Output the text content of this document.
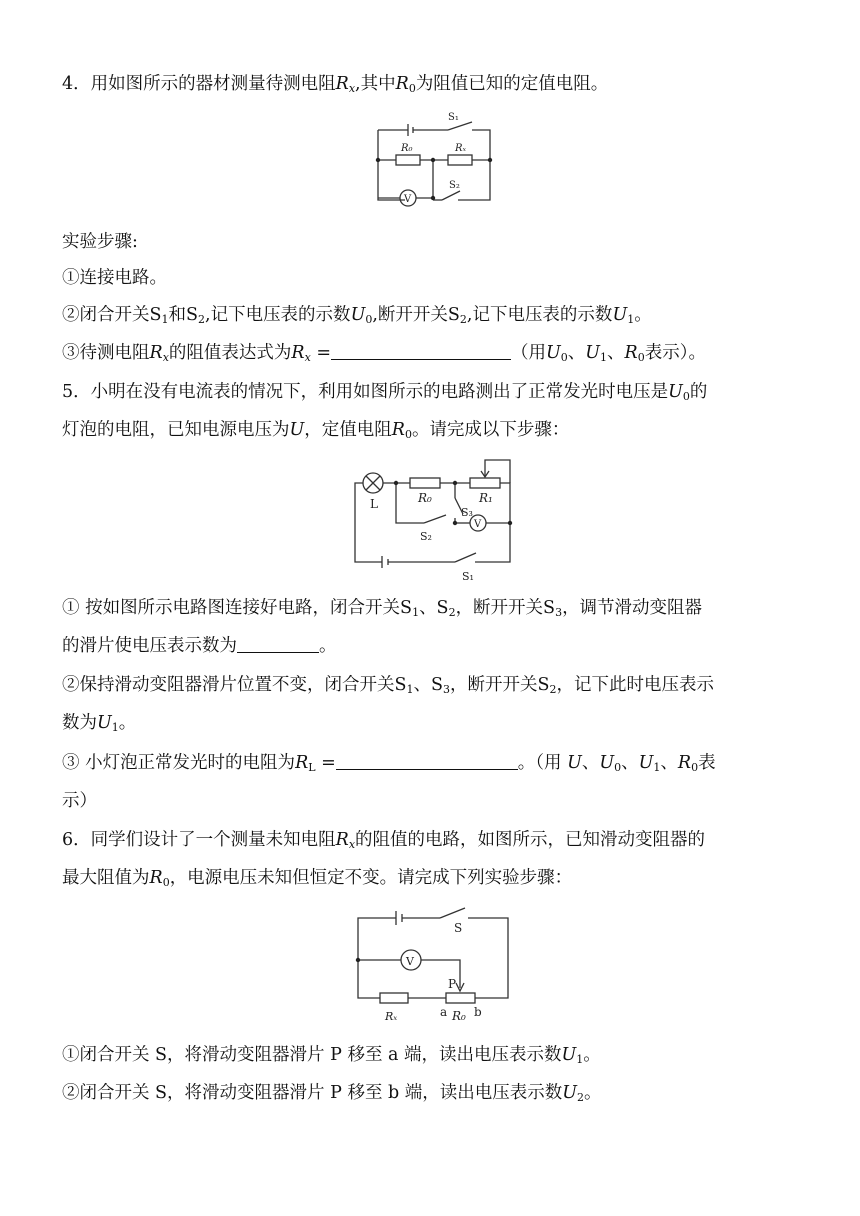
4．用如图所示的器材测量待测电阻$R_x$,其中$R_0$为阻值已知的定值电阻。
S₁
R₀	Rₓ
S₂
V
实验步骤:
①连接电路。
②闭合开关$S_1$和$S_2$,记下电压表的示数$U_0$,断开开关$S_2$,记下电压表的示数$U_1$。
③待测电阻$R_x$的阻值表达式为$R_x$ =	（用$U_0$、$U_1$、$R_0$表示）。
5．小明在没有电流表的情况下，利用如图所示的电路测出了正常发光时电压是$U_0$的
灯泡的电阻，已知电源电压为U，定值电阻$R_0$。请完成以下步骤：
L	R₀	R₁
S₃
S₂
V
S₁
① 按如图所示电路图连接好电路，闭合开关$S_1$、$S_2$，断开开关$S_3$，调节滑动变阻器
的滑片使电压表示数为	。
②保持滑动变阻器滑片位置不变，闭合开关$S_1$、$S_3$，断开开关$S_2$，记下此时电压表示
数为$U_1$。
③ 小灯泡正常发光时的电阻为$R_L$ =	。（用 U、$U_0$、$U_1$、$R_0$表
示）
6．同学们设计了一个测量未知电阻$R_x$的阻值的电路，如图所示，已知滑动变阻器的
最大阻值为$R_0$，电源电压未知但恒定不变。请完成下列实验步骤：
S
V
P
Rₓ	a R₀ b
①闭合开关 S，将滑动变阻器滑片 P 移至 a 端，读出电压表示数$U_1$。
②闭合开关 S，将滑动变阻器滑片 P 移至 b 端，读出电压表示数$U_2$。
